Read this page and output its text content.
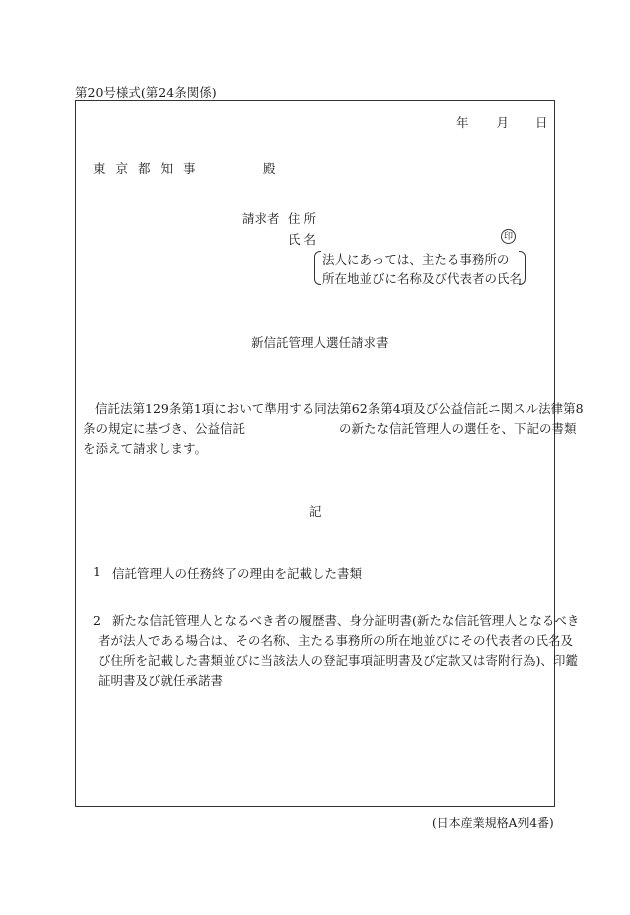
第20号様式(第24条関係)
年 月 日
東京都知事	殿
請求者 住所
氏名	印
法人にあっては、主たる事務所の
所在地並びに名称及び代表者の氏名
新信託管理人選任請求書
信託法第129条第1項において準用する同法第62条第4項及び公益信託ニ関スル法律第8
条の規定に基づき、公益信託	の新たな信託管理人の選任を、下記の書類
を添えて請求します。
記
1 信託管理人の任務終了の理由を記載した書類
2 新たな信託管理人となるべき者の履歴書、身分証明書(新たな信託管理人となるべき
者が法人である場合は、その名称、主たる事務所の所在地並びにその代表者の氏名及
び住所を記載した書類並びに当該法人の登記事項証明書及び定款又は寄附行為)、印鑑
証明書及び就任承諾書
(日本産業規格A列4番)
